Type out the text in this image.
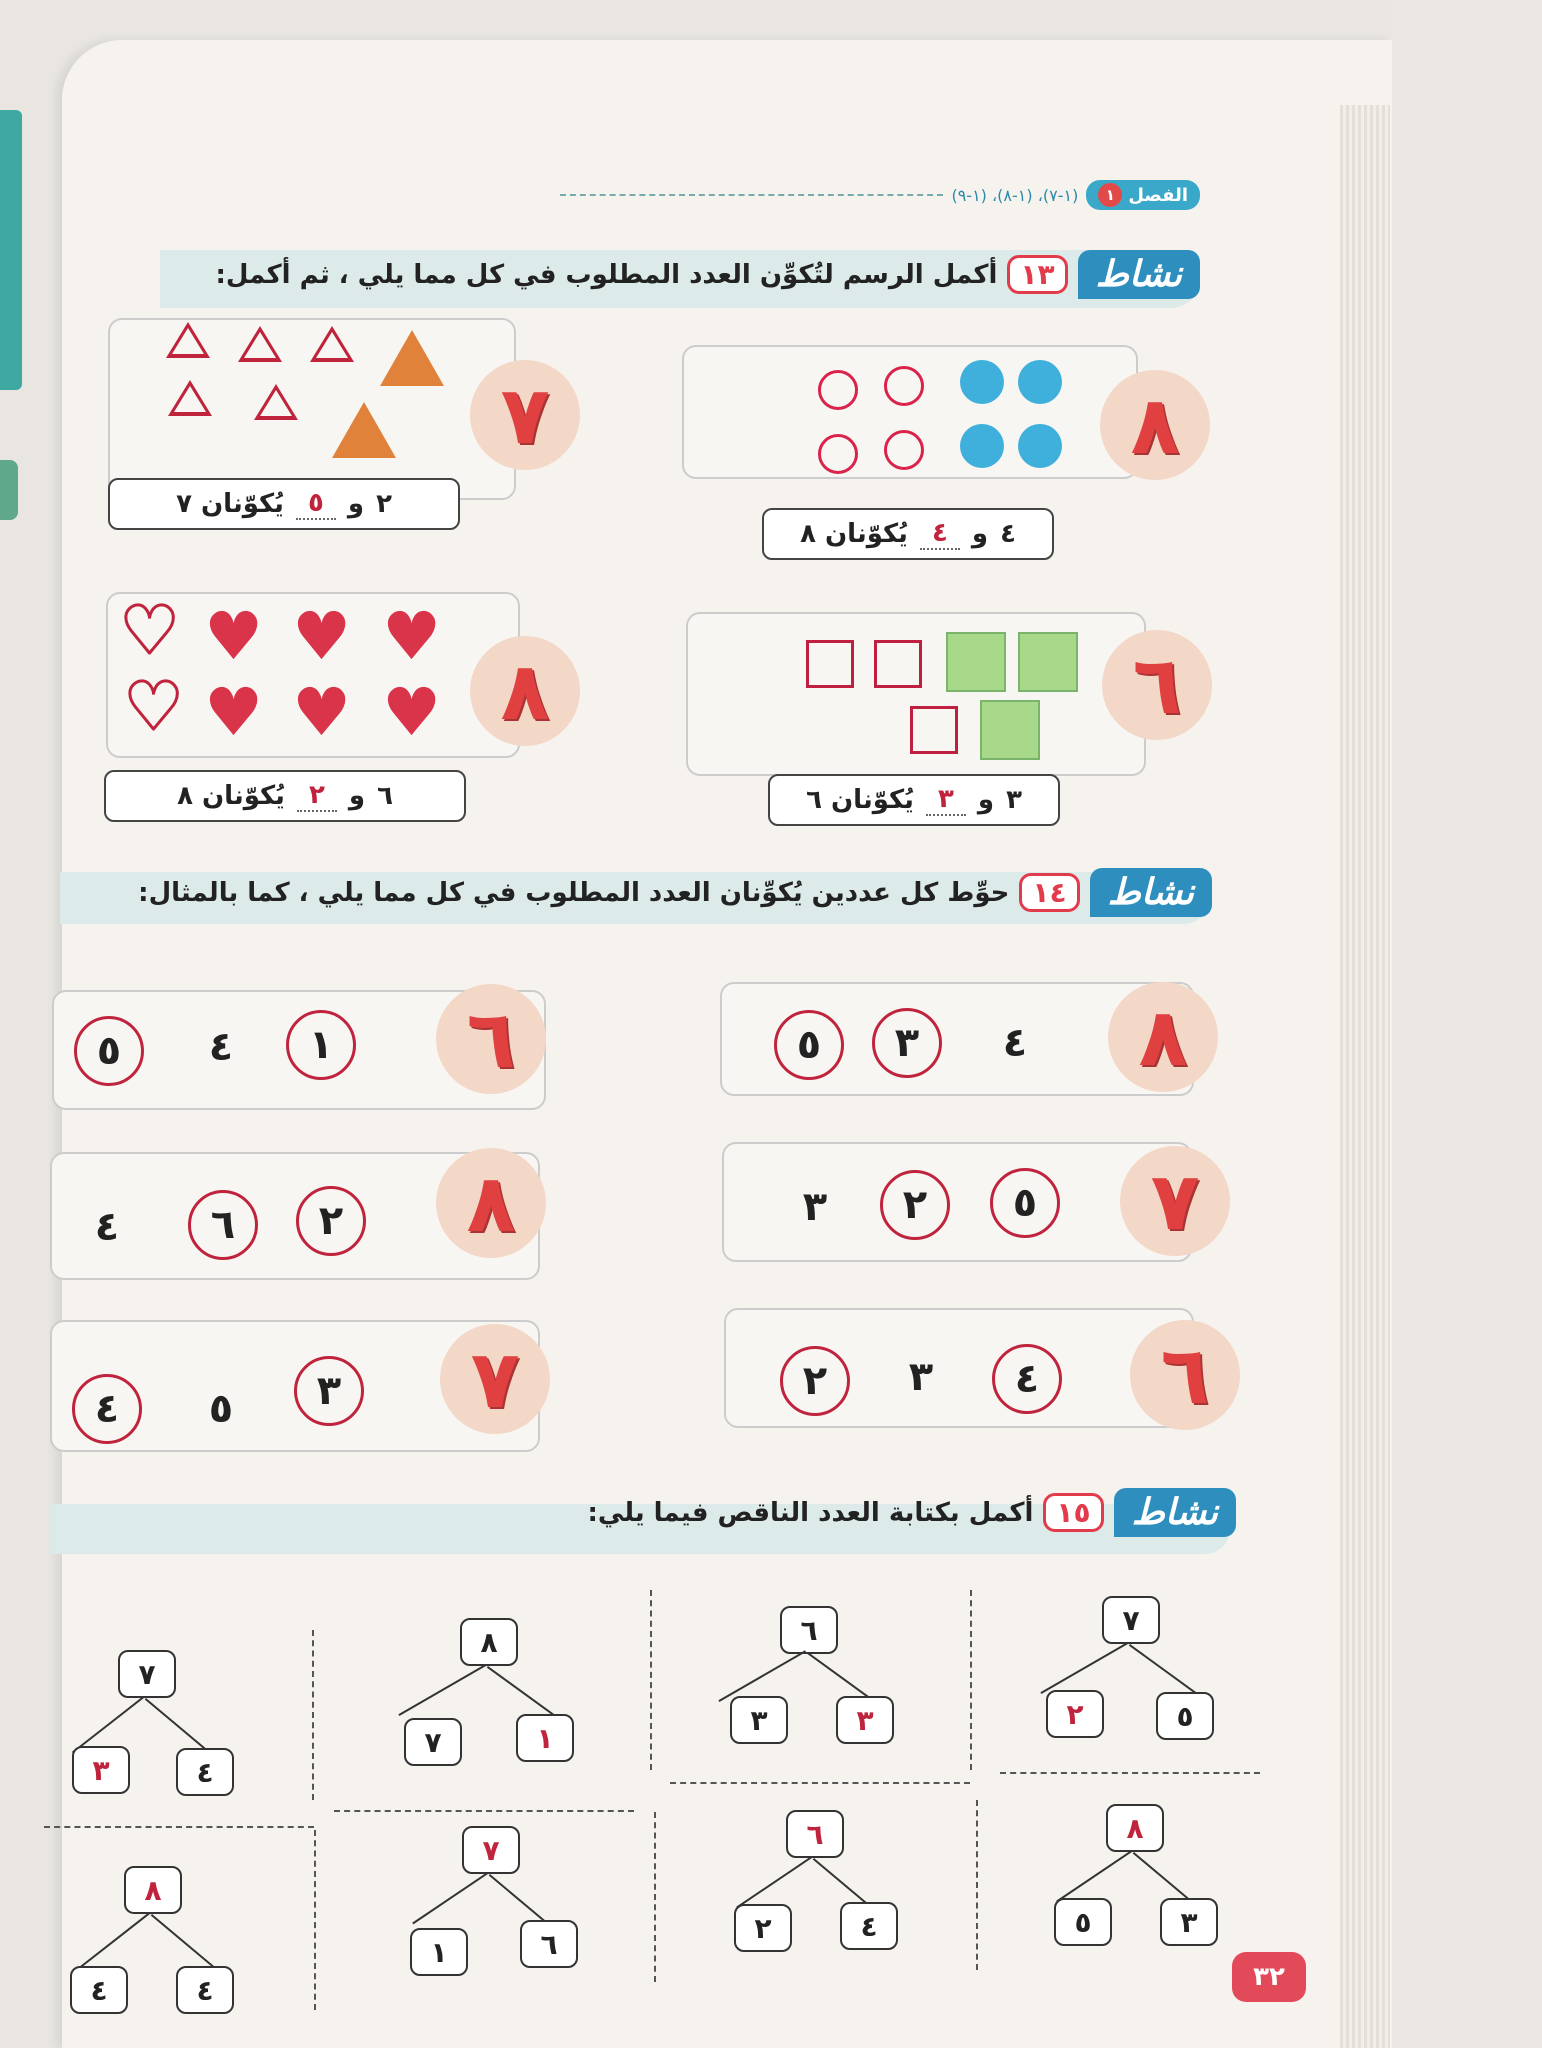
الفصل
١
(١-٧)، (١-٨)، (١-٩)
نشاط
١٣
أكمل الرسم لتُكوِّن العدد المطلوب في كل مما يلي ، ثم أكمل:
٨
٤
و
٤
يُكوّنان ٨
٧
٢
و
٥
يُكوّنان ٧
٦
٣
و
٣
يُكوّنان ٦
٨
♥
♥
♥
♥
♥
♥
♥
♥
٦
و
٢
يُكوّنان ٨
نشاط
١٤
حوِّط كل عددين يُكوِّنان العدد المطلوب في كل مما يلي ، كما بالمثال:
٨
٤
٣
٥
٦
١
٤
٥
٧
٥
٢
٣
٨
٢
٦
٤
٦
٤
٣
٢
٧
٣
٥
٤
نشاط
١٥
أكمل بكتابة العدد الناقص فيما يلي:
٧
٢	٥
٦
٣	٣
٨
٧	١
٧
٣	٤
٨
٥	٣
٦
٢	٤
٧
١	٦
٨
٤	٤	٣٢
